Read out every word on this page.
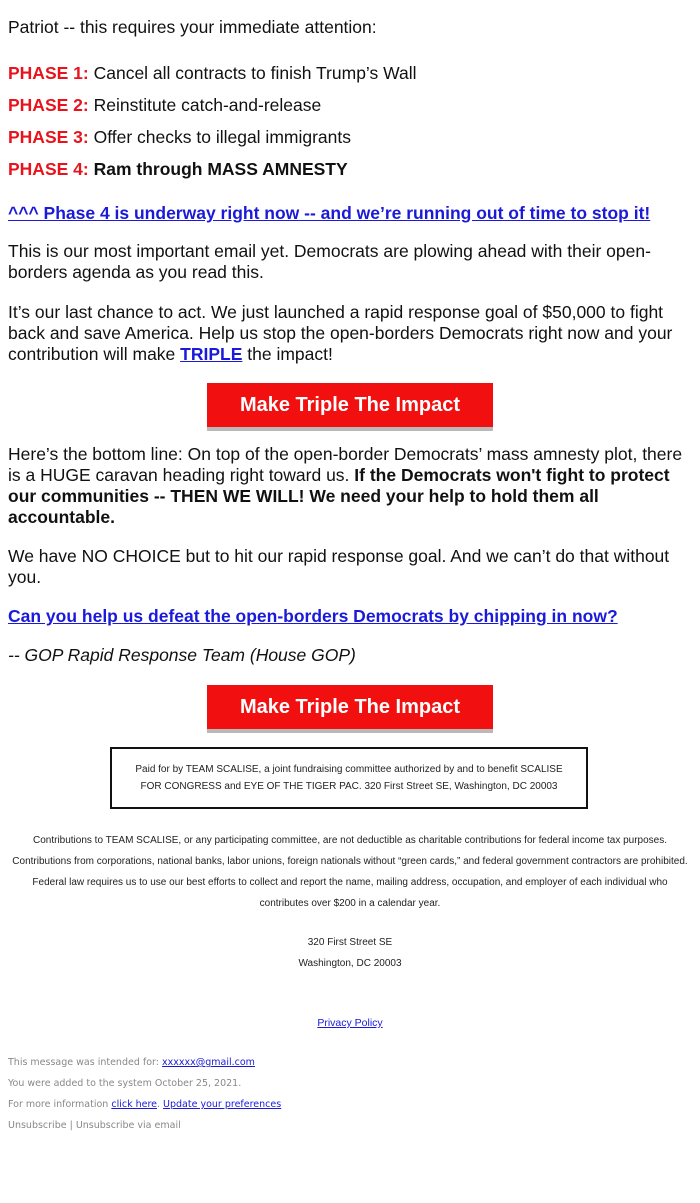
Patriot -- this requires your immediate attention:
PHASE 1: Cancel all contracts to finish Trump’s Wall
PHASE 2: Reinstitute catch-and-release
PHASE 3: Offer checks to illegal immigrants
PHASE 4: Ram through MASS AMNESTY
^^^ Phase 4 is underway right now -- and we’re running out of time to stop it!
This is our most important email yet. Democrats are plowing ahead with their open-borders agenda as you read this.
It’s our last chance to act. We just launched a rapid response goal of $50,000 to fight back and save America. Help us stop the open-borders Democrats right now and your contribution will make TRIPLE the impact!
Make Triple The Impact
Here’s the bottom line: On top of the open-border Democrats’ mass amnesty plot, there is a HUGE caravan heading right toward us. If the Democrats won't fight to protect our communities -- THEN WE WILL! We need your help to hold them all accountable.
We have NO CHOICE but to hit our rapid response goal. And we can’t do that without you.
Can you help us defeat the open-borders Democrats by chipping in now?
-- GOP Rapid Response Team (House GOP)
Make Triple The Impact
Paid for by TEAM SCALISE, a joint fundraising committee authorized by and to benefit SCALISE FOR CONGRESS and EYE OF THE TIGER PAC. 320 First Street SE, Washington, DC 20003
Contributions to TEAM SCALISE, or any participating committee, are not deductible as charitable contributions for federal income tax purposes. Contributions from corporations, national banks, labor unions, foreign nationals without “green cards,” and federal government contractors are prohibited. Federal law requires us to use our best efforts to collect and report the name, mailing address, occupation, and employer of each individual who contributes over $200 in a calendar year.
320 First Street SE
Washington, DC 20003
Privacy Policy
This message was intended for: xxxxxx@gmail.com
You were added to the system October 25, 2021.
For more information click here. Update your preferences
Unsubscribe | Unsubscribe via email
